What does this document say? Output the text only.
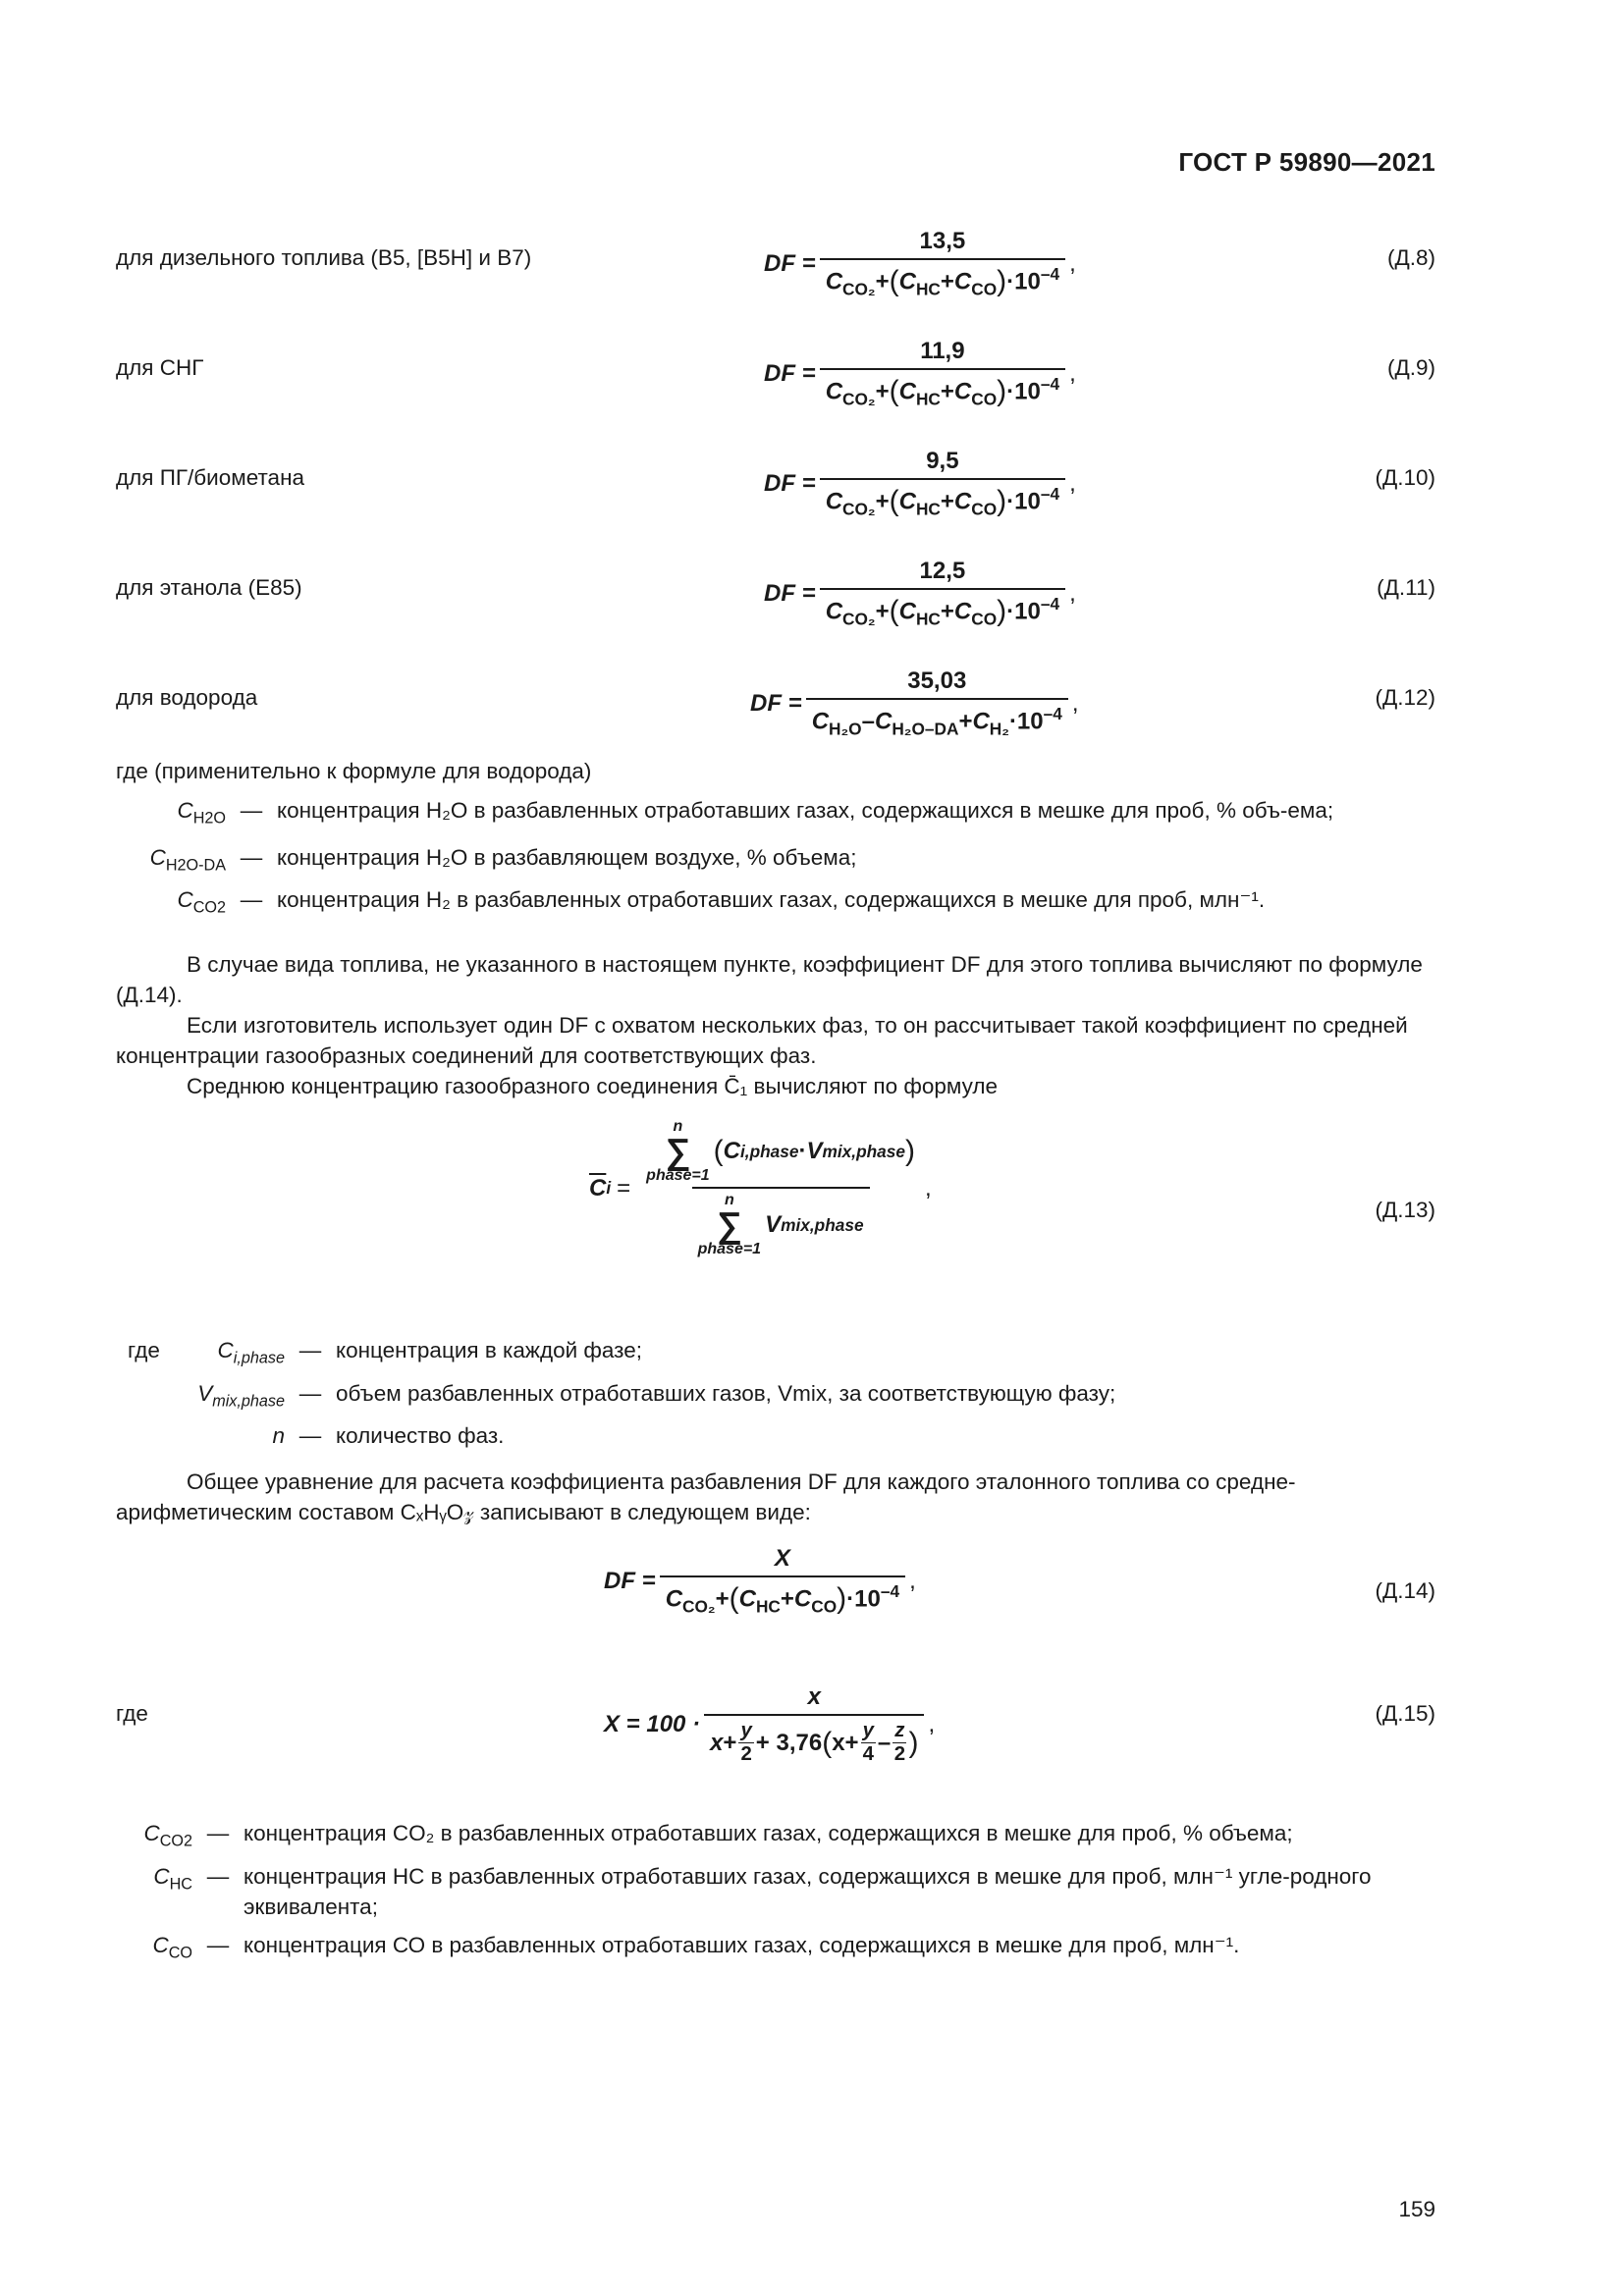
ГОСТ Р 59890—2021
для дизельного топлива (В5, [В5Н] и В7)	DF = $\frac{13,5}{C_{CO_2}+(C_{HC}+C_{CO})\cdot 10^{-4}}$ ,	(Д.8)
для СНГ	DF = $\frac{11,9}{C_{CO_2}+(C_{HC}+C_{CO})\cdot 10^{-4}}$ ,	(Д.9)
для ПГ/биометана	DF = $\frac{9,5}{C_{CO_2}+(C_{HC}+C_{CO})\cdot 10^{-4}}$ ,	(Д.10)
для этанола (Е85)	DF = $\frac{12,5}{C_{CO_2}+(C_{HC}+C_{CO})\cdot 10^{-4}}$ ,	(Д.11)
для водорода	DF = $\frac{35,03}{C_{H_2O}-C_{H_2O-DA}+C_{H_2}\cdot 10^{-4}}$ ,	(Д.12)
где (применительно к формуле для водорода)
$C_{H2O}$ — концентрация H₂O в разбавленных отработавших газах, содержащихся в мешке для проб, % объ-ема;
$C_{H2O-DA}$ — концентрация H₂O в разбавляющем воздухе, % объема;
$C_{CO2}$ — концентрация H₂ в разбавленных отработавших газах, содержащихся в мешке для проб, млн⁻¹.
В случае вида топлива, не указанного в настоящем пункте, коэффициент DF для этого топлива вычисляют по формуле (Д.14).
Если изготовитель использует один DF с охватом нескольких фаз, то он рассчитывает такой коэффициент по средней концентрации газообразных соединений для соответствующих фаз.
Среднюю концентрацию газообразного соединения C̄₁ вычисляют по формуле
$\overline{C}$ i = n
∑
phase=1
( C i,phase · V mix,phase )
n
∑
phase=1
V mix,phase ,
(Д.13)
где	$C_{i,phase}$ — концентрация в каждой фазе;
$V_{mix,phase}$ — объем разбавленных отработавших газов, Vmix, за соответствующую фазу;
n — количество фаз.
Общее уравнение для расчета коэффициента разбавления DF для каждого эталонного топлива со средне-арифметическим составом CₓHᵧO𝓏 записывают в следующем виде:
DF = $\frac{X}{C_{CO_2}+(C_{HC}+C_{CO})\cdot 10^{-4}}$ ,	(Д.14)
где	X = 100 ·
x
$x + \frac{y}{2} + 3,76$ ( $x + \frac{y}{4} - z$
2 )
,	(Д.15)
$C_{CO2}$ — концентрация CO₂ в разбавленных отработавших газах, содержащихся в мешке для проб, % объема;
$C_{HC}$ — концентрация НС в разбавленных отработавших газах, содержащихся в мешке для проб, млн⁻¹ угле-родного эквивалента;
$C_{CO}$ — концентрация СО в разбавленных отработавших газах, содержащихся в мешке для проб, млн⁻¹.
159
